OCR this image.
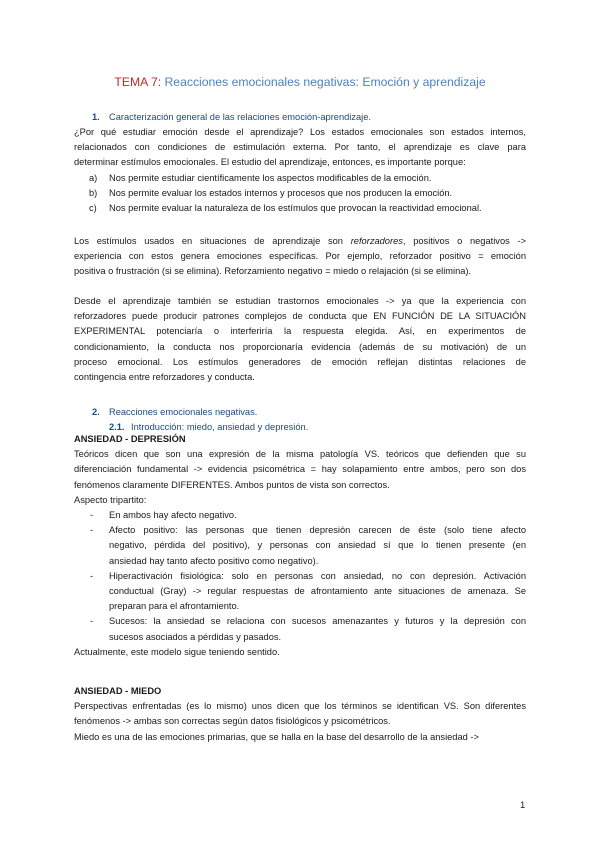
TEMA 7: Reacciones emocionales negativas: Emoción y aprendizaje
1. Caracterización general de las relaciones emoción-aprendizaje.
¿Por qué estudiar emoción desde el aprendizaje? Los estados emocionales son estados internos,
relacionados con condiciones de estimulación externa. Por tanto, el aprendizaje es clave para
determinar estímulos emocionales. El estudio del aprendizaje, entonces, es importante porque:
a) Nos permite estudiar científicamente los aspectos modificables de la emoción.
b) Nos permite evaluar los estados internos y procesos que nos producen la emoción.
c) Nos permite evaluar la naturaleza de los estímulos que provocan la reactividad emocional.
Los estímulos usados en situaciones de aprendizaje son reforzadores, positivos o negativos ->
experiencia con estos genera emociones específicas. Por ejemplo, reforzador positivo = emoción
positiva o frustración (si se elimina). Reforzamiento negativo = miedo o relajación (si se elimina).
Desde el aprendizaje también se estudian trastornos emocionales -> ya que la experiencia con
reforzadores puede producir patrones complejos de conducta que EN FUNCIÓN DE LA SITUACIÓN
EXPERIMENTAL potenciaría o interferiría la respuesta elegida. Así, en experimentos de
condicionamiento, la conducta nos proporcionaría evidencia (además de su motivación) de un
proceso emocional. Los estímulos generadores de emoción reflejan distintas relaciones de
contingencia entre reforzadores y conducta.
2. Reacciones emocionales negativas.
2.1. Introducción: miedo, ansiedad y depresión.
ANSIEDAD - DEPRESIÓN
Teóricos dicen que son una expresión de la misma patología VS. teóricos que defienden que su
diferenciación fundamental -> evidencia psicométrica = hay solapamiento entre ambos, pero son dos
fenómenos claramente DIFERENTES. Ambos puntos de vista son correctos.
Aspecto tripartito:
- En ambos hay afecto negativo.
- Afecto positivo: las personas que tienen depresión carecen de éste (solo tiene afecto
negativo, pérdida del positivo), y personas con ansiedad sí que lo tienen presente (en
ansiedad hay tanto afecto positivo como negativo).
- Hiperactivación fisiológica: solo en personas con ansiedad, no con depresión. Activación
conductual (Gray) -> regular respuestas de afrontamiento ante situaciones de amenaza. Se
preparan para el afrontamiento.
- Sucesos: la ansiedad se relaciona con sucesos amenazantes y futuros y la depresión con
sucesos asociados a pérdidas y pasados.
Actualmente, este modelo sigue teniendo sentido.
ANSIEDAD - MIEDO
Perspectivas enfrentadas (es lo mismo) unos dicen que los términos se identifican VS. Son diferentes
fenómenos -> ambas son correctas según datos fisiológicos y psicométricos.
Miedo es una de las emociones primarias, que se halla en la base del desarrollo de la ansiedad ->
1
